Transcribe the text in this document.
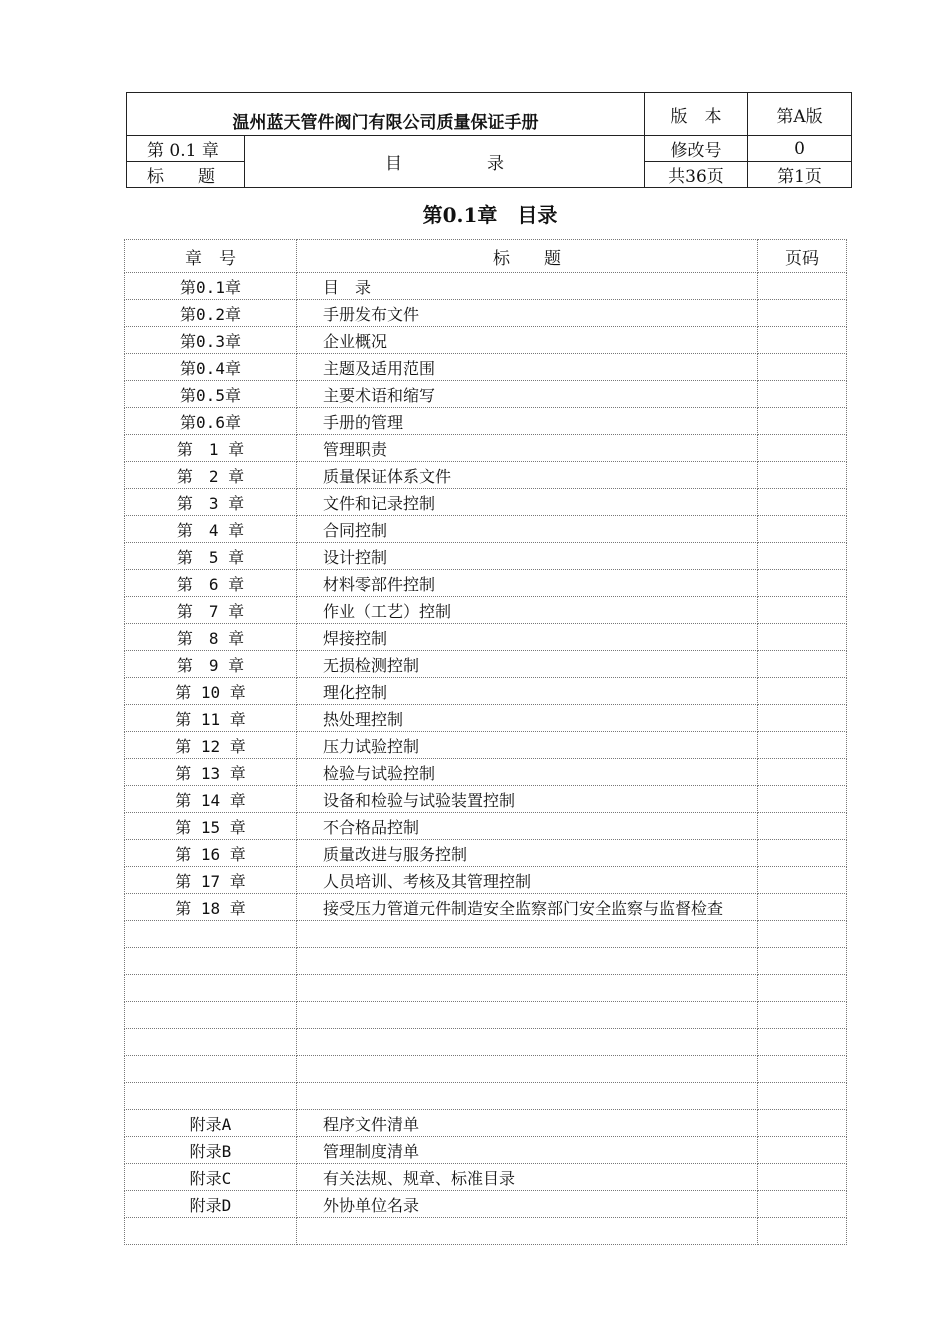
温州蓝天管件阀门有限公司质量保证手册		版　本	第A版
第 0.1 章	目　　　　　录	修改号	0
标　　题		共36页	第1页
第0.1章　目录
章　号	标　　题	页码
第0.1章	目　录	
第0.2章	手册发布文件	
第0.3章	企业概况	
第0.4章	主题及适用范围	
第0.5章	主要术语和缩写	
第0.6章	手册的管理	
第　1 章	管理职责	
第　2 章	质量保证体系文件	
第　3 章	文件和记录控制	
第　4 章	合同控制	
第　5 章	设计控制	
第　6 章	材料零部件控制	
第　7 章	作业（工艺）控制	
第　8 章	焊接控制	
第　9 章	无损检测控制	
第 10 章	理化控制	
第 11 章	热处理控制	
第 12 章	压力试验控制	
第 13 章	检验与试验控制	
第 14 章	设备和检验与试验装置控制	
第 15 章	不合格品控制	
第 16 章	质量改进与服务控制	
第 17 章	人员培训、考核及其管理控制	
第 18 章	接受压力管道元件制造安全监察部门安全监察与监督检查	

附录A	程序文件清单	
附录B	管理制度清单	
附录C	有关法规、规章、标准目录	
附录D	外协单位名录	
